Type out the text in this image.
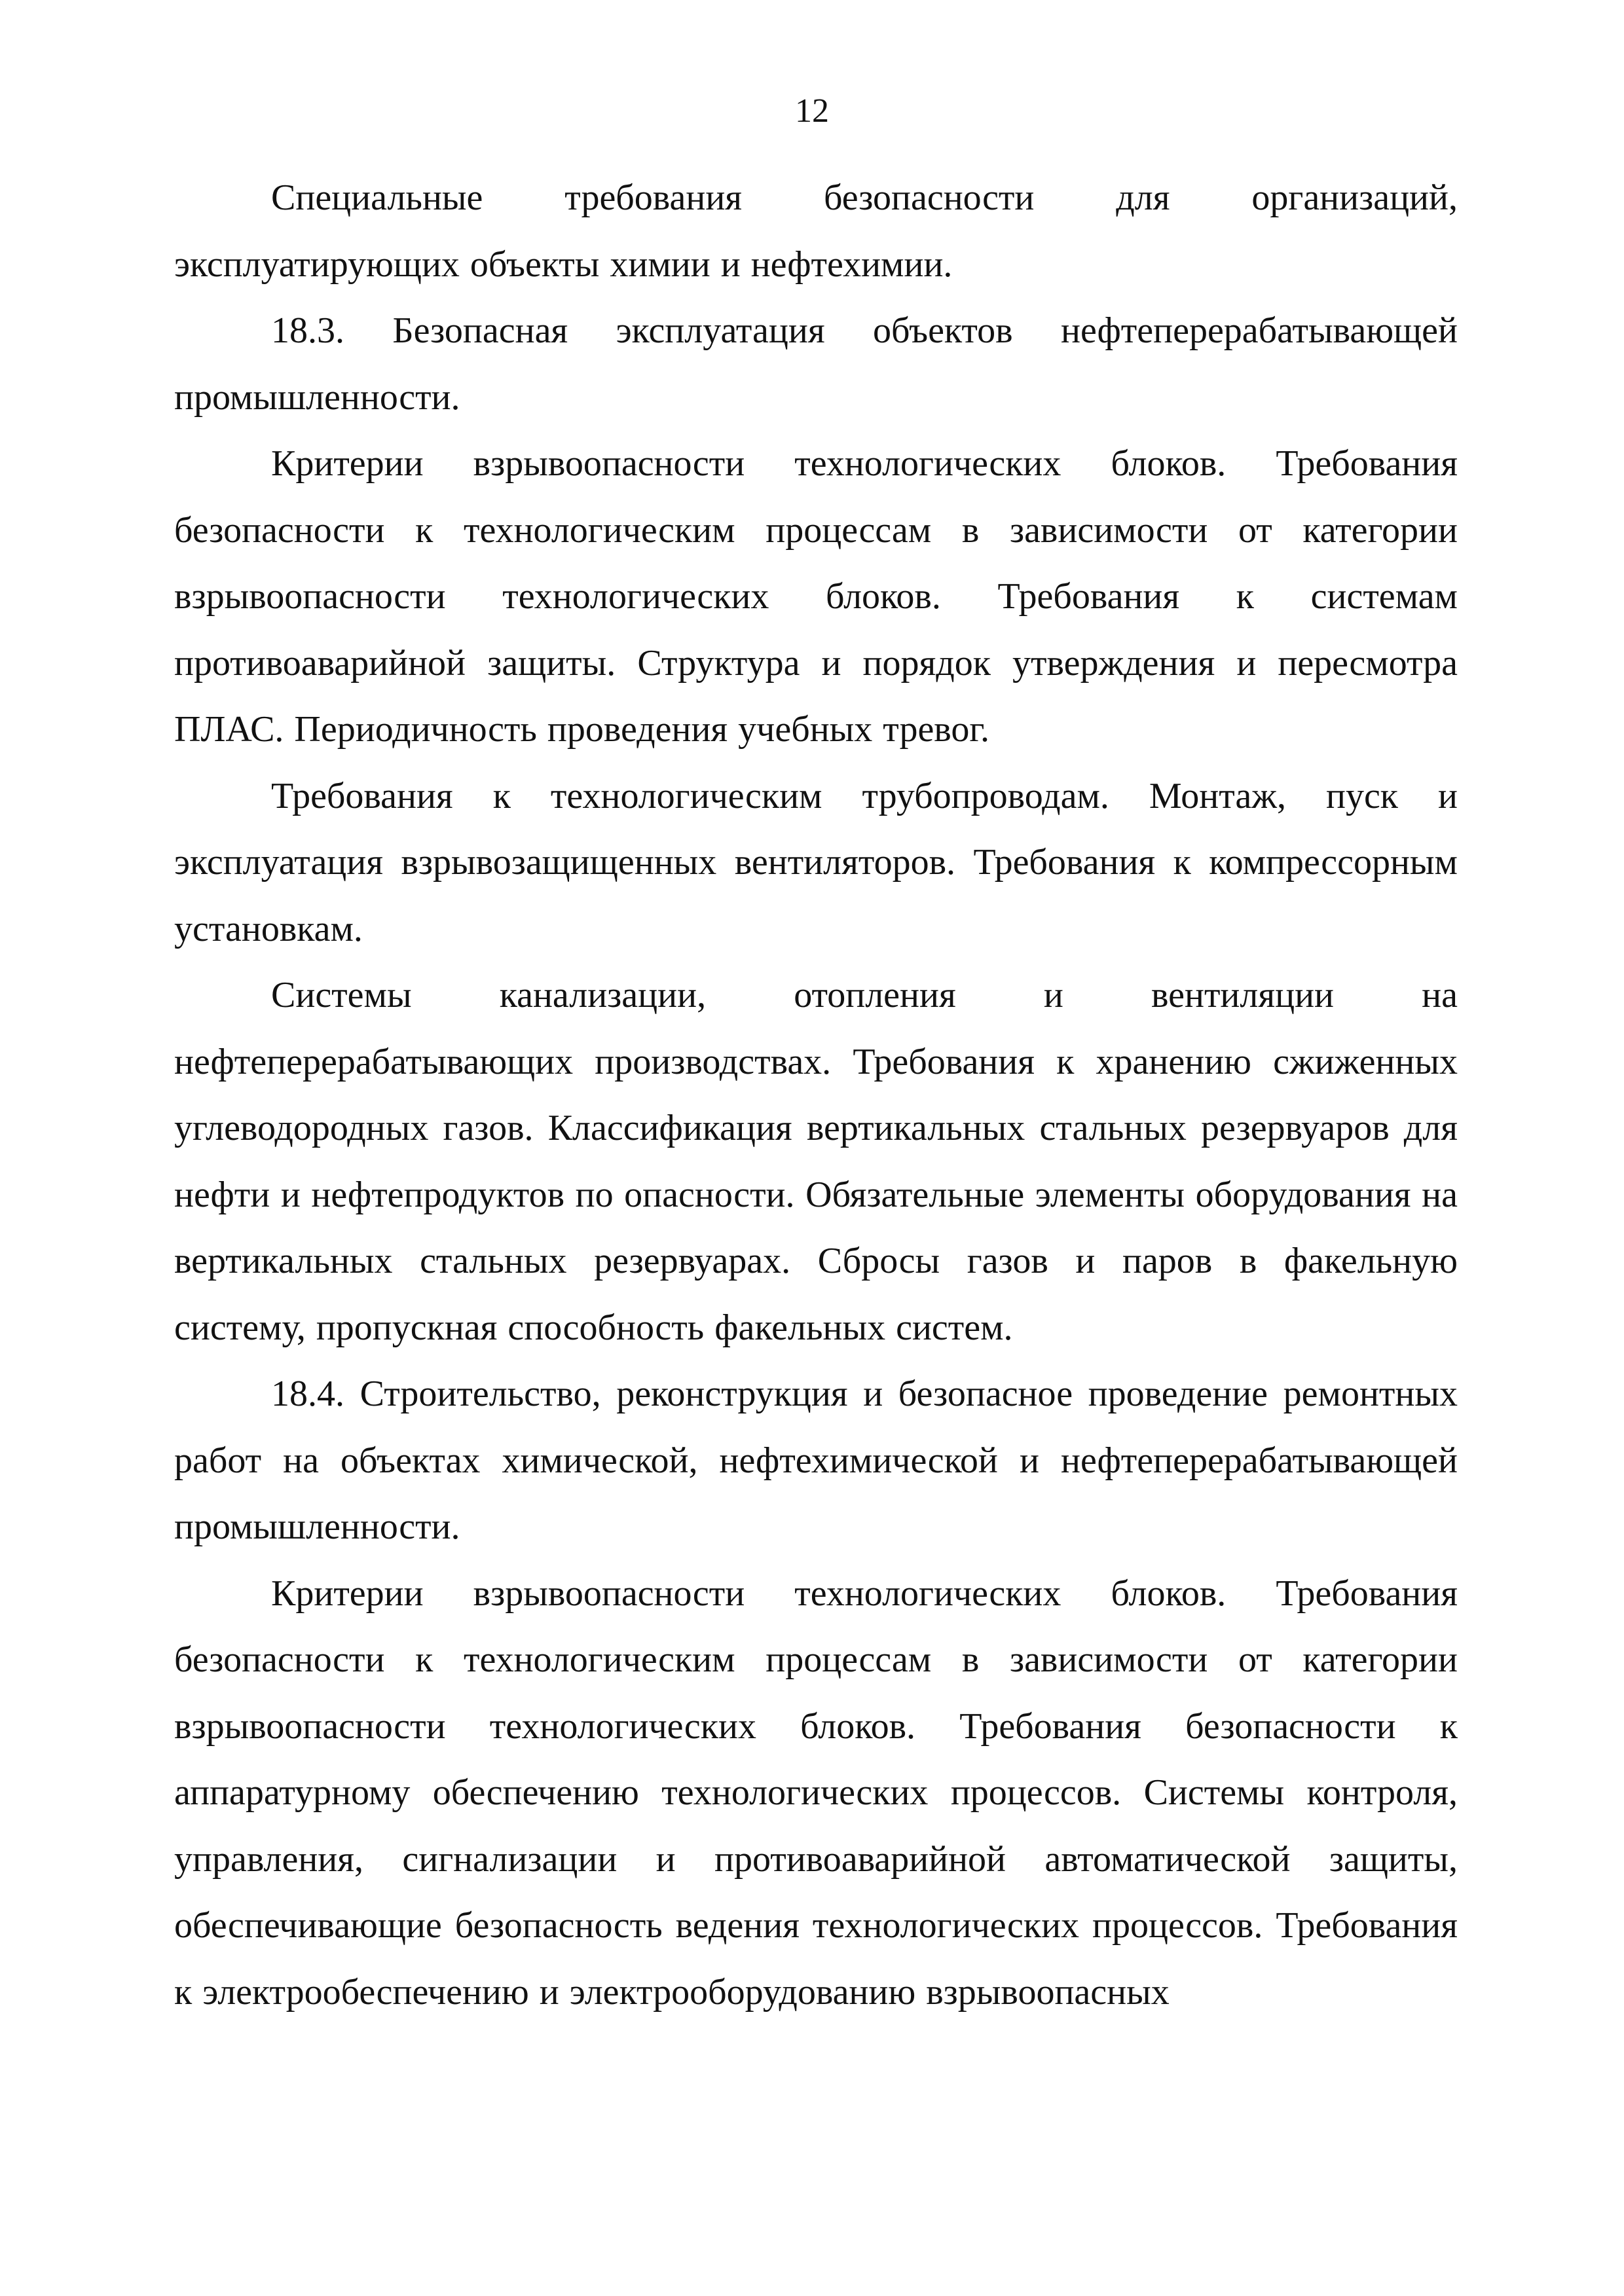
12

Специальные требования безопасности для организаций, эксплуатирующих объекты химии и нефтехимии.

18.3. Безопасная эксплуатация объектов нефтеперерабатывающей промышленности.

Критерии взрывоопасности технологических блоков. Требования безопасности к технологическим процессам в зависимости от категории взрывоопасности технологических блоков. Требования к системам противоаварийной защиты. Структура и порядок утверждения и пересмотра ПЛАС. Периодичность проведения учебных тревог.

Требования к технологическим трубопроводам. Монтаж, пуск и эксплуатация взрывозащищенных вентиляторов. Требования к компрессорным установкам.

Системы канализации, отопления и вентиляции на нефтеперерабатывающих производствах. Требования к хранению сжиженных углеводородных газов. Классификация вертикальных стальных резервуаров для нефти и нефтепродуктов по опасности. Обязательные элементы оборудования на вертикальных стальных резервуарах. Сбросы газов и паров в факельную систему, пропускная способность факельных систем.

18.4. Строительство, реконструкция и безопасное проведение ремонтных работ на объектах химической, нефтехимической и нефтеперерабатывающей промышленности.

Критерии взрывоопасности технологических блоков. Требования безопасности к технологическим процессам в зависимости от категории взрывоопасности технологических блоков. Требования безопасности к аппаратурному обеспечению технологических процессов. Системы контроля, управления, сигнализации и противоаварийной автоматической защиты, обеспечивающие безопасность ведения технологических процессов. Требования к электрообеспечению и электрооборудованию взрывоопасных
